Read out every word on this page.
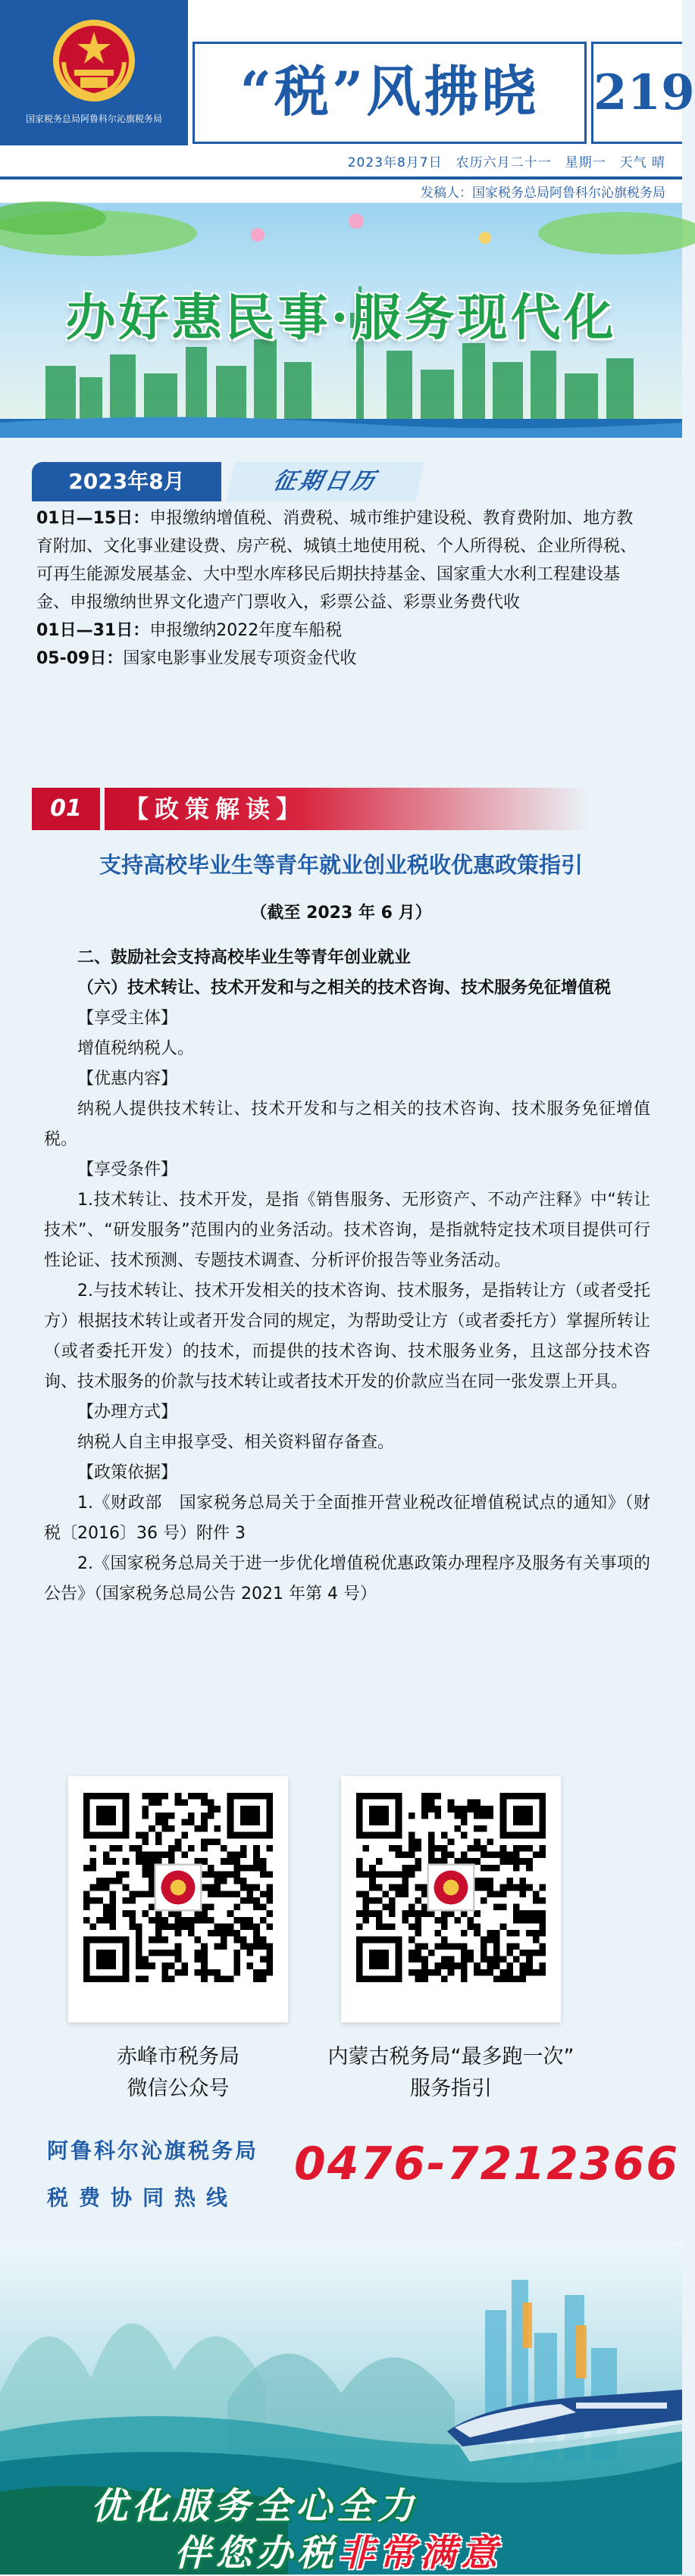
国家税务总局阿鲁科尔沁旗税务局	“税”风拂晓	219
2023年8月7日　农历六月二十一　星期一　天气 晴
发稿人：国家税务总局阿鲁科尔沁旗税务局
办好惠民事·服务现代化
2023年8月	征期日历
01日—15日：申报缴纳增值税、消费税、城市维护建设税、教育费附加、地方教育附加、文化事业建设费、房产税、城镇土地使用税、个人所得税、企业所得税、可再生能源发展基金、大中型水库移民后期扶持基金、国家重大水利工程建设基金、申报缴纳世界文化遗产门票收入，彩票公益、彩票业务费代收
01日—31日：申报缴纳2022年度车船税
05-09日：国家电影事业发展专项资金代收
01	【政策解读】
支持高校毕业生等青年就业创业税收优惠政策指引
（截至 2023 年 6 月）

二、鼓励社会支持高校毕业生等青年创业就业

（六）技术转让、技术开发和与之相关的技术咨询、技术服务免征增值税

【享受主体】

增值税纳税人。

【优惠内容】

纳税人提供技术转让、技术开发和与之相关的技术咨询、技术服务免征增值税。

【享受条件】

1.技术转让、技术开发，是指《销售服务、无形资产、不动产注释》中“转让技术”、“研发服务”范围内的业务活动。技术咨询，是指就特定技术项目提供可行性论证、技术预测、专题技术调查、分析评价报告等业务活动。

2.与技术转让、技术开发相关的技术咨询、技术服务，是指转让方（或者受托方）根据技术转让或者开发合同的规定，为帮助受让方（或者委托方）掌握所转让（或者委托开发）的技术，而提供的技术咨询、技术服务业务，且这部分技术咨询、技术服务的价款与技术转让或者技术开发的价款应当在同一张发票上开具。

【办理方式】

纳税人自主申报享受、相关资料留存备查。

【政策依据】

1.《财政部　国家税务总局关于全面推开营业税改征增值税试点的通知》（财税〔2016〕36 号）附件 3

2.《国家税务总局关于进一步优化增值税优惠政策办理程序及服务有关事项的公告》（国家税务总局公告 2021 年第 4 号）

赤峰市税务局
微信公众号
内蒙古税务局“最多跑一次”
服务指引
阿鲁科尔沁旗税务局
税费协同热线
0476-7212366
优化服务全心全力
伴您办税非常满意
